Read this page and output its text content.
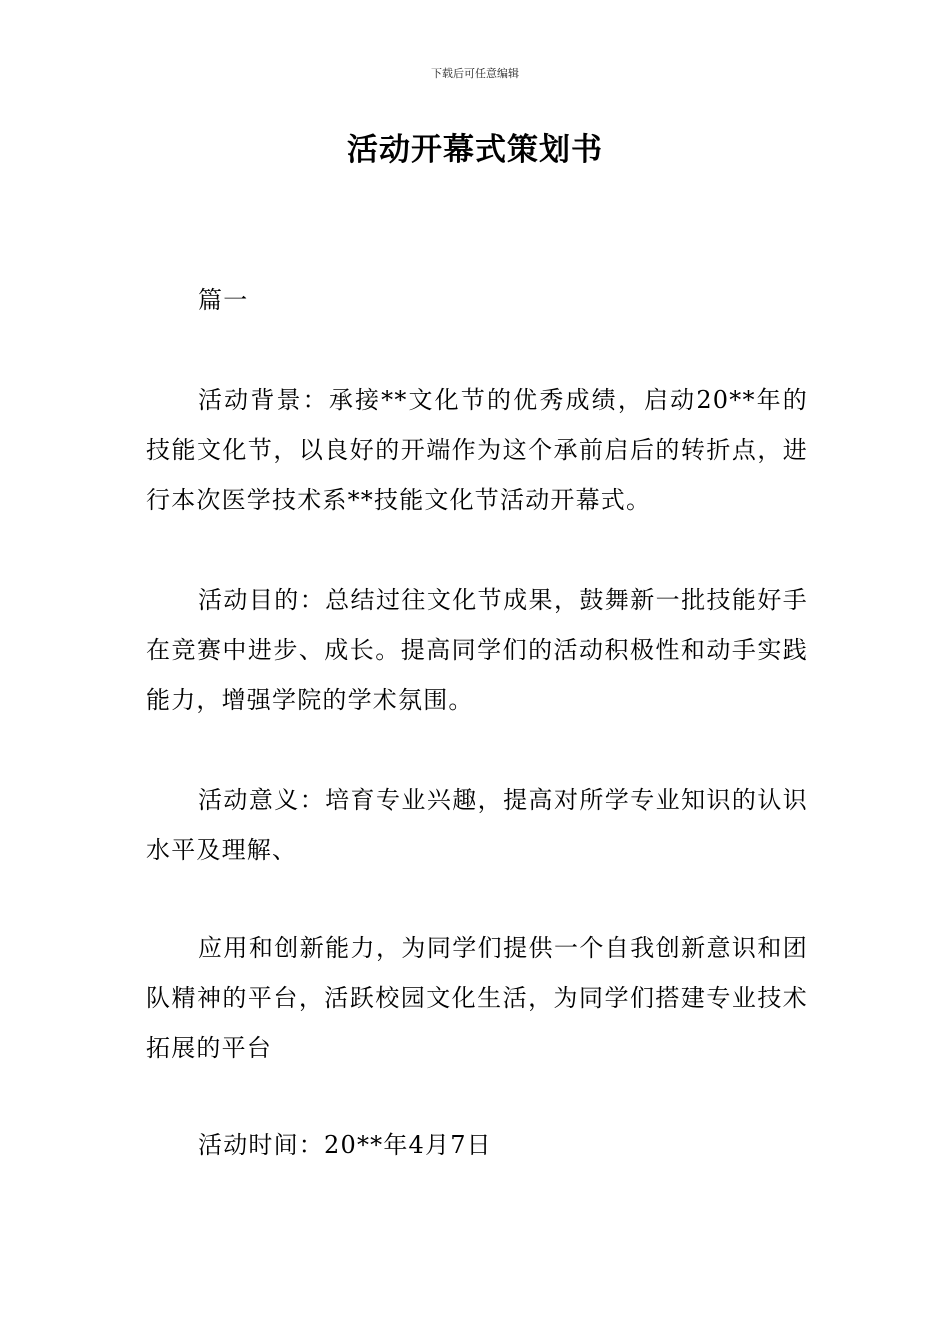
下载后可任意编辑
活动开幕式策划书

篇一

活动背景：承接**文化节的优秀成绩，启动20**年的技能文化节，以良好的开端作为这个承前启后的转折点，进行本次医学技术系**技能文化节活动开幕式。

活动目的：总结过往文化节成果，鼓舞新一批技能好手在竞赛中进步、成长。提高同学们的活动积极性和动手实践能力，增强学院的学术氛围。

活动意义：培育专业兴趣，提高对所学专业知识的认识水平及理解、

应用和创新能力，为同学们提供一个自我创新意识和团队精神的平台，活跃校园文化生活，为同学们搭建专业技术拓展的平台

活动时间：20**年4月7日
